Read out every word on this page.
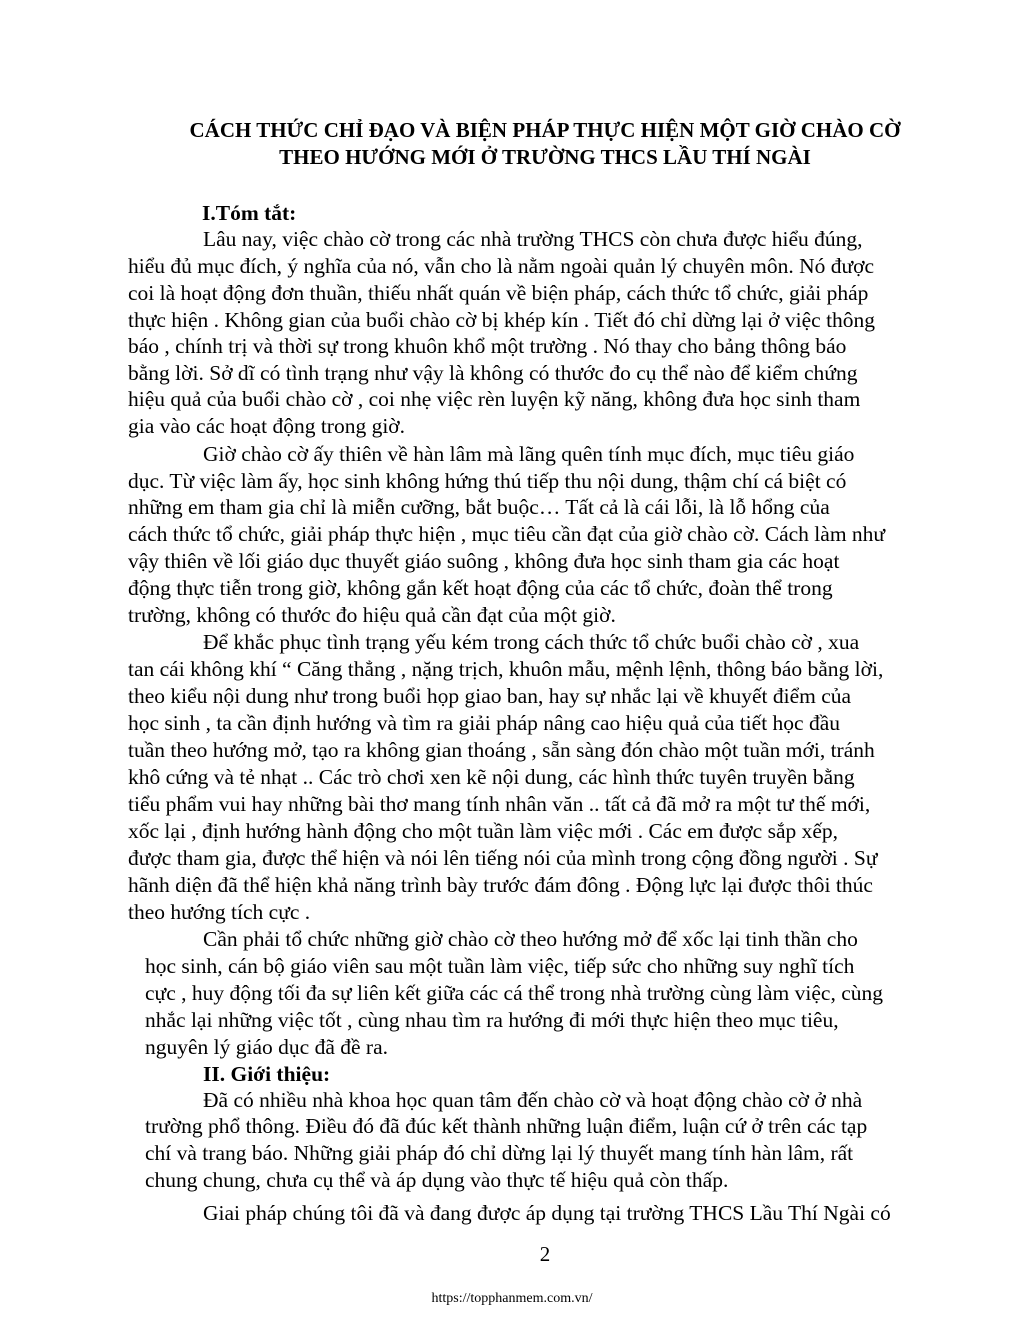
CÁCH THỨC CHỈ ĐẠO VÀ BIỆN PHÁP THỰC HIỆN MỘT GIỜ CHÀO CỜ
THEO HƯỚNG MỚI Ở TRƯỜNG THCS LẦU THÍ NGÀI
I.Tóm tắt:
Lâu nay, việc chào cờ trong các nhà trường THCS còn chưa được hiểu đúng,
hiểu đủ mục đích, ý nghĩa của nó, vẫn cho là nằm ngoài quản lý chuyên môn. Nó được
coi là hoạt động đơn thuần, thiếu nhất quán về biện pháp, cách thức tổ chức, giải pháp
thực hiện . Không gian của buổi chào cờ bị khép kín . Tiết đó chỉ dừng lại ở việc thông
báo , chính trị và thời sự trong khuôn khổ một trường . Nó thay cho bảng thông báo
bằng lời. Sở dĩ có tình trạng như vậy là không có thước đo cụ thể nào để kiểm chứng
hiệu quả của buổi chào cờ , coi nhẹ việc rèn luyện kỹ năng, không đưa học sinh tham
gia vào các hoạt động trong giờ.
Giờ chào cờ ấy thiên về hàn lâm mà lãng quên tính mục đích, mục tiêu giáo
dục. Từ việc làm ấy, học sinh không hứng thú tiếp thu nội dung, thậm chí cá biệt có
những em tham gia chỉ là miễn cưỡng, bắt buộc… Tất cả là cái lỗi, là lỗ hổng của
cách thức tổ chức, giải pháp thực hiện , mục tiêu cần đạt của giờ chào cờ. Cách làm như
vậy thiên về lối giáo dục thuyết giáo suông , không đưa học sinh tham gia các hoạt
động thực tiễn trong giờ, không gắn kết hoạt động của các tổ chức, đoàn thể trong
trường, không có thước đo hiệu quả cần đạt của một giờ.
Để khắc phục tình trạng yếu kém trong cách thức tổ chức buổi chào cờ , xua
tan cái không khí “ Căng thẳng , nặng trịch, khuôn mẫu, mệnh lệnh, thông báo bằng lời,
theo kiểu nội dung như trong buổi họp giao ban, hay sự nhắc lại về khuyết điểm của
học sinh , ta cần định hướng và tìm ra giải pháp nâng cao hiệu quả của tiết học đầu
tuần theo hướng mở, tạo ra không gian thoáng , sẵn sàng đón chào một tuần mới, tránh
khô cứng và tẻ nhạt .. Các trò chơi xen kẽ nội dung, các hình thức tuyên truyền bằng
tiểu phẩm vui hay những bài thơ mang tính nhân văn .. tất cả đã mở ra một tư thế mới,
xốc lại , định hướng hành động cho một tuần làm việc mới . Các em được sắp xếp,
được tham gia, được thể hiện và nói lên tiếng nói của mình trong cộng đồng người . Sự
hãnh diện đã thể hiện khả năng trình bày trước đám đông . Động lực lại được thôi thúc
theo hướng tích cực .
Cần phải tổ chức những giờ chào cờ theo hướng mở để xốc lại tinh thần cho
học sinh, cán bộ giáo viên sau một tuần làm việc, tiếp sức cho những suy nghĩ tích
cực , huy động tối đa sự liên kết giữa các cá thể trong nhà trường cùng làm việc, cùng
nhắc lại những việc tốt , cùng nhau tìm ra hướng đi mới thực hiện theo mục tiêu,
nguyên lý giáo dục đã đề ra.
II. Giới thiệu:
Đã có nhiều nhà khoa học quan tâm đến chào cờ và hoạt động chào cờ ở nhà
trường phổ thông. Điều đó đã đúc kết thành những luận điểm, luận cứ ở trên các tạp
chí và trang báo. Những giải pháp đó chỉ dừng lại lý thuyết mang tính hàn lâm, rất
chung chung, chưa cụ thể và áp dụng vào thực tế hiệu quả còn thấp.
Giai pháp chúng tôi đã và đang được áp dụng tại trường THCS Lầu Thí Ngài có
2
https://topphanmem.com.vn/
